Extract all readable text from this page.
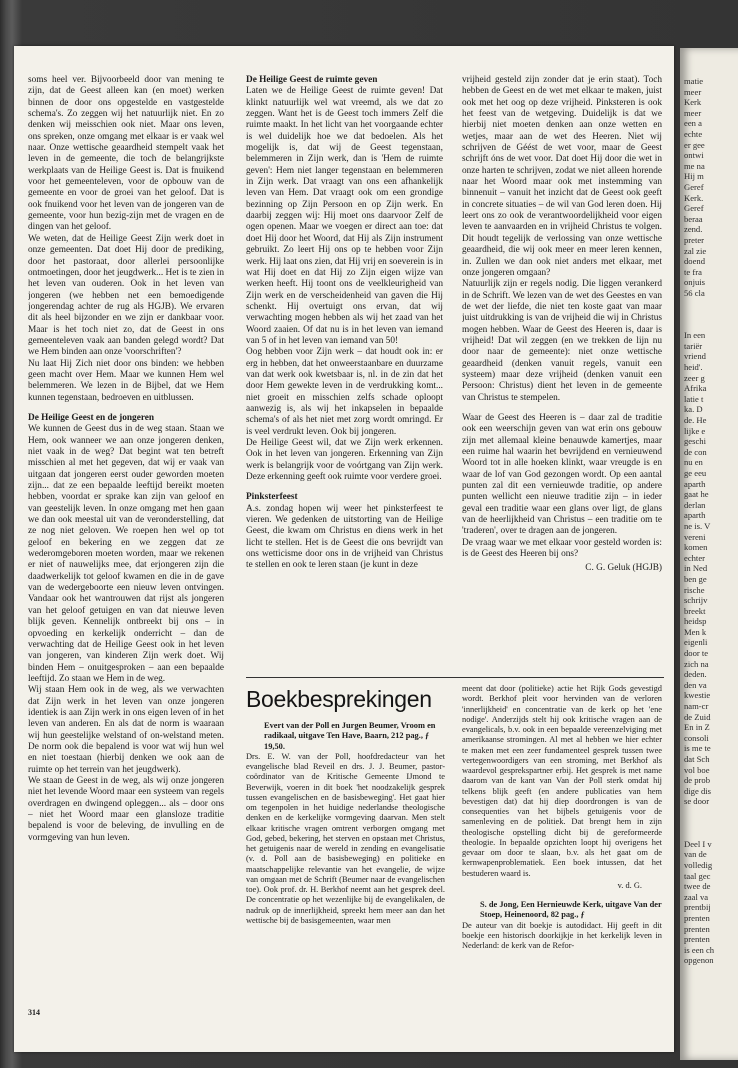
soms heel ver. Bijvoorbeeld door van mening te zijn, dat de Geest alleen kan (en moet) werken binnen de door ons opgestelde en vastgestelde schema's. Zo zeggen wij het natuurlijk niet. En zo denken wij meisschien ook niet. Maar ons leven, ons spreken, onze omgang met elkaar is er vaak wel naar. Onze wettische geaardheid stempelt vaak het leven in de gemeente, die toch de belangrijkste werkplaats van de Heilige Geest is. Dat is fnuikend voor het gemeenteleven, voor de opbouw van de gemeente en voor de groei van het geloof. Dat is ook fnuikend voor het leven van de jongeren van de gemeente, voor hun bezig-zijn met de vragen en de dingen van het geloof.

We weten, dat de Heilige Geest Zijn werk doet in onze gemeenten. Dat doet Hij door de prediking, door het pastoraat, door allerlei persoonlijke ontmoetingen, door het jeugdwerk... Het is te zien in het leven van ouderen. Ook in het leven van jongeren (we hebben net een bemoedigende jongerendag achter de rug als HGJB). We ervaren dit als heel bijzonder en we zijn er dankbaar voor. Maar is het toch niet zo, dat de Geest in ons gemeenteleven vaak aan banden gelegd wordt? Dat we Hem binden aan onze 'voorschriften'?

Nu laat Hij Zich niet door ons binden: we hebben geen macht over Hem. Maar we kunnen Hem wel belemmeren. We lezen in de Bijbel, dat we Hem kunnen tegenstaan, bedroeven en uitblussen.

De Heilige Geest en de jongeren

We kunnen de Geest dus in de weg staan. Staan we Hem, ook wanneer we aan onze jongeren denken, niet vaak in de weg? Dat begint wat ten betreft misschien al met het gegeven, dat wij er vaak van uitgaan dat jongeren eerst ouder geworden moeten zijn... dat ze een bepaalde leeftijd bereikt moeten hebben, voordat er sprake kan zijn van geloof en van geestelijk leven. In onze omgang met hen gaan we dan ook meestal uit van de veronderstelling, dat ze nog niet geloven. We roepen hen wel op tot geloof en bekering en we zeggen dat ze wederomgeboren moeten worden, maar we rekenen er niet of nauwelijks mee, dat erjongeren zijn die daadwerkelijk tot geloof kwamen en die in de gave van de wedergeboorte een nieuw leven ontvingen. Vandaar ook het wantrouwen dat rijst als jongeren van het geloof getuigen en van dat nieuwe leven blijk geven. Kennelijk ontbreekt bij ons – in opvoeding en kerkelijk onderricht – dan de verwachting dat de Heilige Geest ook in het leven van jongeren, van kinderen Zijn werk doet. Wij binden Hem – onuitgesproken – aan een bepaalde leeftijd. Zo staan we Hem in de weg.

Wij staan Hem ook in de weg, als we verwachten dat Zijn werk in het leven van onze jongeren identiek is aan Zijn werk in ons eigen leven of in het leven van anderen. En als dat de norm is waaraan wij hun geestelijke welstand of on-welstand meten. De norm ook die bepalend is voor wat wij hun wel en niet toestaan (hierbij denken we ook aan de ruimte op het terrein van het jeugdwerk).

We staan de Geest in de weg, als wij onze jongeren niet het levende Woord maar een systeem van regels overdragen en dwingend opleggen... als – door ons – niet het Woord maar een glansloze traditie bepalend is voor de beleving, de invulling en de vormgeving van hun leven.

De Heilige Geest de ruimte geven

Laten we de Heilige Geest de ruimte geven! Dat klinkt natuurlijk wel wat vreemd, als we dat zo zeggen. Want het is de Geest toch immers Zelf die ruimte maakt. In het licht van het voorgaande echter is wel duidelijk hoe we dat bedoelen. Als het mogelijk is, dat wij de Geest tegenstaan, belemmeren in Zijn werk, dan is 'Hem de ruimte geven': Hem niet langer tegenstaan en belemmeren in Zijn werk. Dat vraagt van ons een afhankelijk leven van Hem. Dat vraagt ook om een grondige bezinning op Zijn Persoon en op Zijn werk. En daarbij zeggen wij: Hij moet ons daarvoor Zelf de ogen openen. Maar we voegen er direct aan toe: dat doet Hij door het Woord, dat Hij als Zijn instrument gebruikt. Zo leert Hij ons op te hebben voor Zijn werk. Hij laat ons zien, dat Hij vrij en soeverein is in wat Hij doet en dat Hij zo Zijn eigen wijze van werken heeft. Hij toont ons de veelkleurigheid van Zijn werk en de verscheidenheid van gaven die Hij schenkt. Hij overtuigt ons ervan, dat wij verwachting mogen hebben als wij het zaad van het Woord zaaien. Of dat nu is in het leven van iemand van 5 of in het leven van iemand van 50!

Oog hebben voor Zijn werk – dat houdt ook in: er erg in hebben, dat het onweerstaanbare en duurzame van dat werk ook kwetsbaar is, nl. in de zin dat het door Hem gewekte leven in de verdrukking komt... niet groeit en misschien zelfs schade oploopt aanwezig is, als wij het inkapselen in bepaalde schema's of als het niet met zorg wordt omringd. Er is veel verdrukt leven. Ook bij jongeren.

De Heilige Geest wil, dat we Zijn werk erkennen. Ook in het leven van jongeren. Erkenning van Zijn werk is belangrijk voor de voórtgang van Zijn werk. Deze erkenning geeft ook ruimte voor verdere groei.

Pinksterfeest

A.s. zondag hopen wij weer het pinksterfeest te vieren. We gedenken de uitstorting van de Heilige Geest, die kwam om Christus en diens werk in het licht te stellen. Het is de Geest die ons bevrijdt van ons wetticisme door ons in de vrijheid van Christus te stellen en ook te leren staan (je kunt in deze

vrijheid gesteld zijn zonder dat je erin staat). Toch hebben de Geest en de wet met elkaar te maken, juist ook met het oog op deze vrijheid. Pinksteren is ook het feest van de wetgeving. Duidelijk is dat we hierbij niet moeten denken aan onze wetten en wetjes, maar aan de wet des Heeren. Niet wij schrijven de Géést de wet voor, maar de Geest schrijft óns de wet voor. Dat doet Hij door die wet in onze harten te schrijven, zodat we niet alleen horende naar het Woord maar ook met instemming van binnenuit – vanuit het inzicht dat de Geest ook geeft in concrete situaties – de wil van God leren doen. Hij leert ons zo ook de verantwoordelijkheid voor eigen leven te aanvaarden en in vrijheid Christus te volgen. Dit houdt tegelijk de verlossing van onze wettische geaardheid, die wij ook meer en meer leren kennen, in. Zullen we dan ook niet anders met elkaar, met onze jongeren omgaan?

Natuurlijk zijn er regels nodig. Die liggen verankerd in de Schrift. We lezen van de wet des Geestes en van de wet der liefde, die niet ten koste gaat van maar juist uitdrukking is van de vrijheid die wij in Christus mogen hebben. Waar de Geest des Heeren is, daar is vrijheid! Dat wil zeggen (en we trekken de lijn nu door naar de gemeente): niet onze wettische geaardheid (denken vanuit regels, vanuit een systeem) maar deze vrijheid (denken vanuit een Persoon: Christus) dient het leven in de gemeente van Christus te stempelen.

Waar de Geest des Heeren is – daar zal de traditie ook een weerschijn geven van wat erin ons gebouw zijn met allemaal kleine benauwde kamertjes, maar een ruime hal waarin het bevrijdend en vernieuwend Woord tot in alle hoeken klinkt, waar vreugde is en waar de lof van God gezongen wordt. Op een aantal punten zal dit een vernieuwde traditie, op andere punten wellicht een nieuwe traditie zijn – in ieder geval een traditie waar een glans over ligt, de glans van de heerlijkheid van Christus – een traditie om te 'traderen', over te dragen aan de jongeren.

De vraag waar we met elkaar voor gesteld worden is: is de Geest des Heeren bij ons?

C. G. Geluk (HGJB)

Boekbesprekingen

Evert van der Poll en Jurgen Beumer, Vroom en radikaal, uitgave Ten Have, Baarn, 212 pag., ƒ 19,50.

Drs. E. W. van der Poll, hoofdredacteur van het evangelische blad Reveil en drs. J. J. Beumer, pastor-coördinator van de Kritische Gemeente IJmond te Beverwijk, voeren in dit boek 'het noodzakelijk gesprek tussen evangelischen en de basisbeweging'. Het gaat hier om tegenpolen in het huidige nederlandse theologische denken en de kerkelijke vormgeving daarvan. Men stelt elkaar kritische vragen omtrent verborgen omgang met God, gebed, bekering, het sterven en opstaan met Christus, het getuigenis naar de wereld in zending en evangelisatie (v. d. Poll aan de basisbeweging) en politieke en maatschappelijke relevantie van het evangelie, de wijze van omgaan met de Schrift (Beumer naar de evangelischen toe). Ook prof. dr. H. Berkhof neemt aan het gesprek deel. De concentratie op het wezenlijke bij de evangelikalen, de nadruk op de innerlijkheid, spreekt hem meer aan dan het wettische bij de basisgemeenten, waar men

meent dat door (politieke) actie het Rijk Gods gevestigd wordt. Berkhof pleit voor hervinden van de verloren 'innerlijkheid' en concentratie van de kerk op het 'ene nodige'. Anderzijds stelt hij ook kritische vragen aan de evangelicals, b.v. ook in een bepaalde vereenzelviging met amerikaanse stromingen. Al met al hebben we hier echter te maken met een zeer fundamenteel gesprek tussen twee vertegenwoordigers van een stroming, met Berkhof als waardevol gesprekspartner erbij. Het gesprek is met name daarom van de kant van Van der Poll sterk omdat hij telkens blijk geeft (en andere publicaties van hem bevestigen dat) dat hij diep doordrongen is van de consequenties van het bijbels getuigenis voor de samenleving en de politiek. Dat brengt hem in zijn theologische opstelling dicht bij de gereformeerde theologie. In bepaalde opzichten loopt hij overigens het gevaar om door te slaan, b.v. als het gaat om de kernwapenproblematiek. Een boek intussen, dat het bestuderen waard is.

v. d. G.

S. de Jong, Een Hernieuwde Kerk, uitgave Van der Stoep, Heinenoord, 82 pag., ƒ

De auteur van dit boekje is autodidact. Hij geeft in dit boekje een historisch doorkijkje in het kerkelijk leven in Nederland: de kerk van de Refor-

314
matie
meer
Kerk
meer
een a
echte
er gee
ontwi
me na
Hij m
Geref
Kerk.
Geref
beraa
zend.
preter
zal zie
doend
te fra
onjuis
56 cla
In een
tariër
vriend
heid'.
zeer g
Afrika
latie t
ka. D
de. He
lijke e
geschi
de con
nu en
ge eeu
aparth
gaat he
derlan
aparth
ne is. V
vereni
komen
echter
in Ned
ben ge
rische
schrijv
breekt
heidsp
Men k
eigenli
door te
zich na
deden.
den va
kwestie
nam-cr
de Zuid
En in Z
consoli
is me te
dat Sch
vol boe
de prob
dige dis
se door
Deel I v
van de
volledig
taal gec
twee de
zaal va
prentbij
prenten
prenten
prenten
is een ch
opgenon
